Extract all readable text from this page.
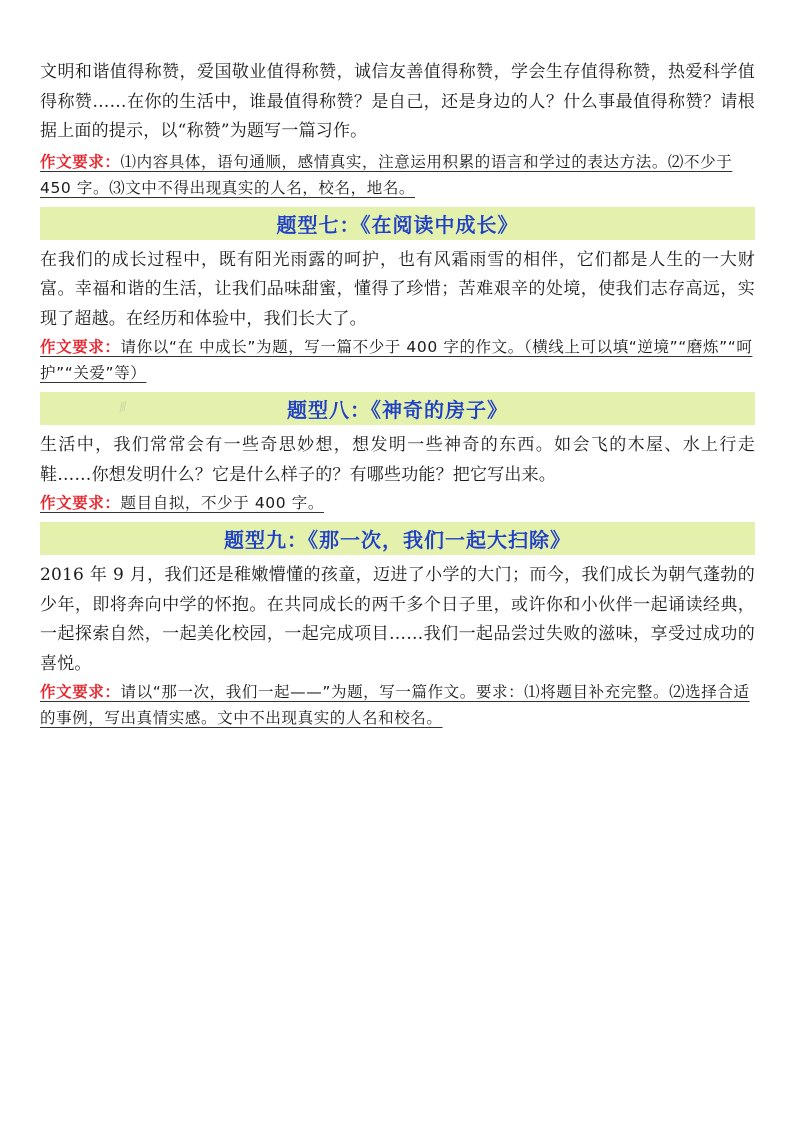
文明和谐值得称赞，爱国敬业值得称赞，诚信友善值得称赞，学会生存值得称赞，热爱科学值得称赞……在你的生活中，谁最值得称赞？是自己，还是身边的人？什么事最值得称赞？请根据上面的提示，以“称赞”为题写一篇习作。

作文要求：⑴内容具体，语句通顺，感情真实，注意运用积累的语言和学过的表达方法。⑵不少于 450 字。⑶文中不得出现真实的人名，校名，地名。

题型七：《在阅读中成长》

在我们的成长过程中，既有阳光雨露的呵护，也有风霜雨雪的相伴，它们都是人生的一大财富。幸福和谐的生活，让我们品味甜蜜，懂得了珍惜；苦难艰辛的处境，使我们志存高远，实现了超越。在经历和体验中，我们长大了。

作文要求：请你以“在 中成长”为题，写一篇不少于 400 字的作文。（横线上可以填“逆境”“磨炼”“呵护”“关爱”等）

⁄⁄⁄	题型八：《神奇的房子》

生活中，我们常常会有一些奇思妙想，想发明一些神奇的东西。如会飞的木屋、水上行走鞋……你想发明什么？它是什么样子的？有哪些功能？把它写出来。

作文要求：题目自拟，不少于 400 字。

题型九：《那一次，我们一起大扫除》

2016 年 9 月，我们还是稚嫩懵懂的孩童，迈进了小学的大门；而今，我们成长为朝气蓬勃的少年，即将奔向中学的怀抱。在共同成长的两千多个日子里，或许你和小伙伴一起诵读经典，一起探索自然，一起美化校园，一起完成项目……我们一起品尝过失败的滋味，享受过成功的喜悦。

作文要求：请以“那一次，我们一起——”为题，写一篇作文。要求：⑴将题目补充完整。⑵选择合适的事例，写出真情实感。文中不出现真实的人名和校名。
